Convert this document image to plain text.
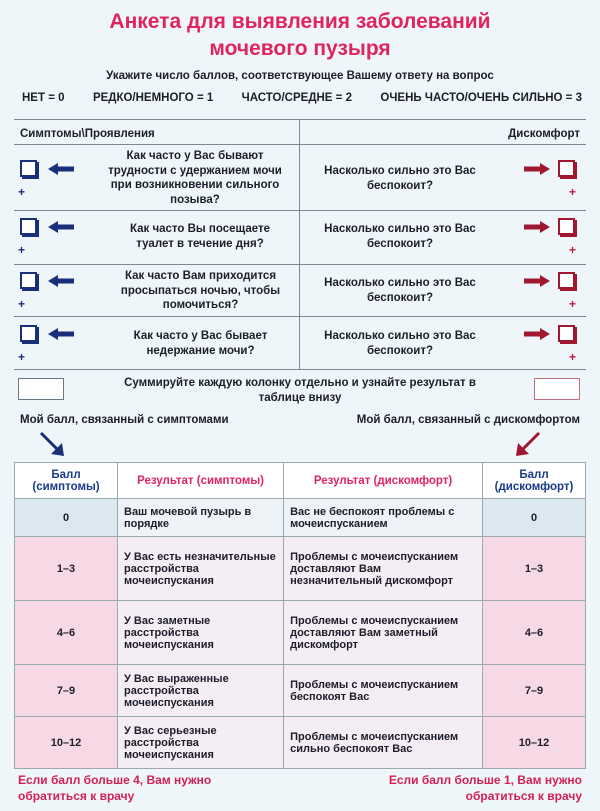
Анкета для выявления заболеваний
мочевого пузыря
Укажите число баллов, соответствующее Вашему ответу на вопрос
НЕТ = 0 РЕДКО/НЕМНОГО = 1 ЧАСТО/СРЕДНЕ = 2 ОЧЕНЬ ЧАСТО/ОЧЕНЬ СИЛЬНО = 3
Симптомы\Проявления	Дискомфорт
+
Как часто у Вас бывают трудности с удержанием мочи при возникновении сильного позыва?
Насколько сильно это Вас беспокоит?	+
+
Как часто Вы посещаете туалет в течение дня?
Насколько сильно это Вас беспокоит?	+
+
Как часто Вам приходится просыпаться ночью, чтобы помочиться?
Насколько сильно это Вас беспокоит?	+
+
Как часто у Вас бывает недержание мочи?
Насколько сильно это Вас беспокоит?	+
Суммируйте каждую колонку отдельно и узнайте результат в таблице внизу
Мой балл, связанный с симптомами	Мой балл, связанный с дискомфортом
Балл (симптомы)	Результат (симптомы)	Результат (дискомфорт)	Балл (дискомфорт)
0	Ваш мочевой пузырь в порядке	Вас не беспокоят проблемы с мочеиспусканием	0
1–3	У Вас есть незначительные расстройства мочеиспускания	Проблемы с мочеиспусканием доставляют Вам незначительный дискомфорт	1–3
4–6	У Вас заметные расстройства мочеиспускания	Проблемы с мочеиспусканием доставляют Вам заметный дискомфорт	4–6
7–9	У Вас выраженные расстройства мочеиспускания	Проблемы с мочеиспусканием беспокоят Вас	7–9
10–12	У Вас серьезные расстройства мочеиспускания	Проблемы с мочеиспусканием сильно беспокоят Вас	10–12
Если балл больше 4, Вам нужно обратиться к врачу
Если балл больше 1, Вам нужно обратиться к врачу
